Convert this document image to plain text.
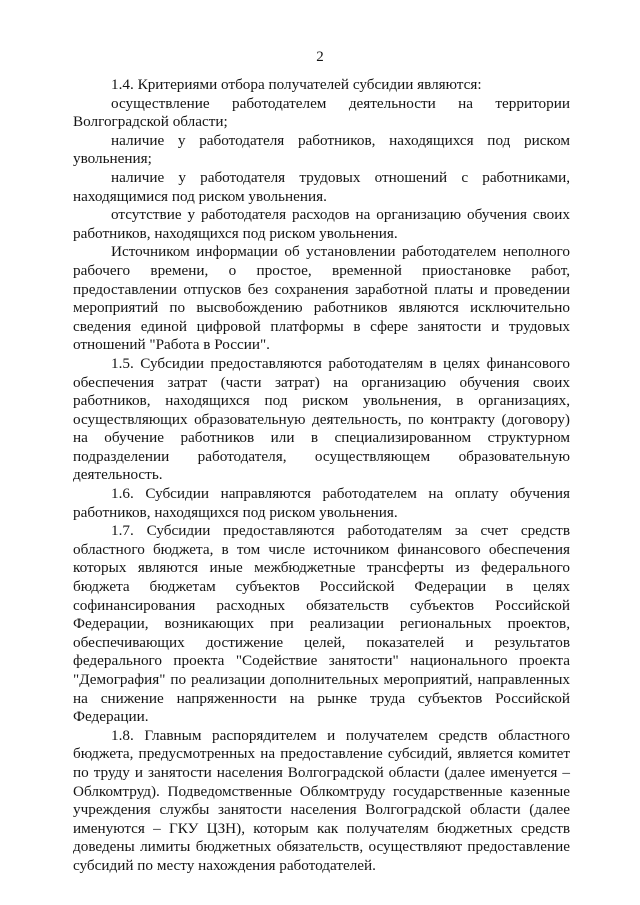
2

1.4. Критериями отбора получателей субсидии являются:

осуществление работодателем деятельности на территории Волгоградской области;

наличие у работодателя работников, находящихся под риском увольнения;

наличие у работодателя трудовых отношений с работниками, находящимися под риском увольнения.

отсутствие у работодателя расходов на организацию обучения своих работников, находящихся под риском увольнения.

Источником информации об установлении работодателем неполного рабочего времени, о простое, временной приостановке работ, предоставлении отпусков без сохранения заработной платы и проведении мероприятий по высвобождению работников являются исключительно сведения единой цифровой платформы в сфере занятости и трудовых отношений "Работа в России".

1.5. Субсидии предоставляются работодателям в целях финансового обеспечения затрат (части затрат) на организацию обучения своих работников, находящихся под риском увольнения, в организациях, осуществляющих образовательную деятельность, по контракту (договору) на обучение работников или в специализированном структурном подразделении работодателя, осуществляющем образовательную деятельность.

1.6. Субсидии направляются работодателем на оплату обучения работников, находящихся под риском увольнения.

1.7. Субсидии предоставляются работодателям за счет средств областного бюджета, в том числе источником финансового обеспечения которых являются иные межбюджетные трансферты из федерального бюджета бюджетам субъектов Российской Федерации в целях софинансирования расходных обязательств субъектов Российской Федерации, возникающих при реализации региональных проектов, обеспечивающих достижение целей, показателей и результатов федерального проекта "Содействие занятости" национального проекта "Демография" по реализации дополнительных мероприятий, направленных на снижение напряженности на рынке труда субъектов Российской Федерации.

1.8. Главным распорядителем и получателем средств областного бюджета, предусмотренных на предоставление субсидий, является комитет по труду и занятости населения Волгоградской области (далее именуется – Облкомтруд). Подведомственные Облкомтруду государственные казенные учреждения службы занятости населения Волгоградской области (далее именуются – ГКУ ЦЗН), которым как получателям бюджетных средств доведены лимиты бюджетных обязательств, осуществляют предоставление субсидий по месту нахождения работодателей.
